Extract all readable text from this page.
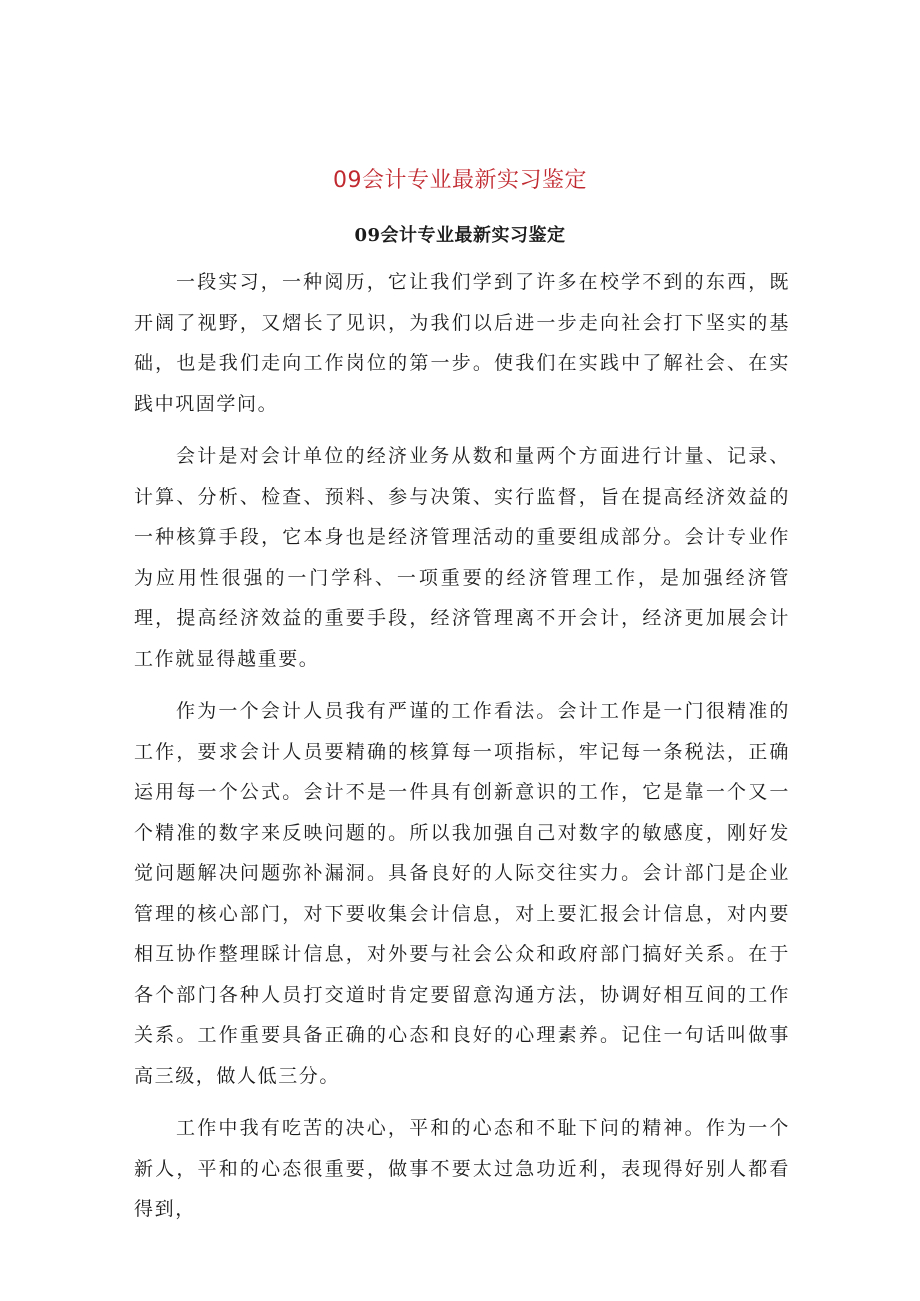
09会计专业最新实习鉴定
09会计专业最新实习鉴定

一段实习，一种阅历，它让我们学到了许多在校学不到的东西，既开阔了视野，又熠长了见识，为我们以后进一步走向社会打下坚实的基础，也是我们走向工作岗位的第一步。使我们在实践中了解社会、在实践中巩固学问。

会计是对会计单位的经济业务从数和量两个方面进行计量、记录、计算、分析、检查、预料、参与决策、实行监督，旨在提高经济效益的一种核算手段，它本身也是经济管理活动的重要组成部分。会计专业作为应用性很强的一门学科、一项重要的经济管理工作，是加强经济管理，提高经济效益的重要手段，经济管理离不开会计，经济更加展会计工作就显得越重要。

作为一个会计人员我有严谨的工作看法。会计工作是一门很精准的工作，要求会计人员要精确的核算每一项指标，牢记每一条税法，正确运用每一个公式。会计不是一件具有创新意识的工作，它是靠一个又一个精准的数字来反映问题的。所以我加强自己对数字的敏感度，刚好发觉问题解决问题弥补漏洞。具备良好的人际交往实力。会计部门是企业管理的核心部门，对下要收集会计信息，对上要汇报会计信息，对内要相互协作整理睬计信息，对外要与社会公众和政府部门搞好关系。在于各个部门各种人员打交道时肯定要留意沟通方法，协调好相互间的工作关系。工作重要具备正确的心态和良好的心理素养。记住一句话叫做事高三级，做人低三分。

工作中我有吃苦的决心，平和的心态和不耻下问的精神。作为一个新人，平和的心态很重要，做事不要太过急功近利，表现得好别人都看得到，
